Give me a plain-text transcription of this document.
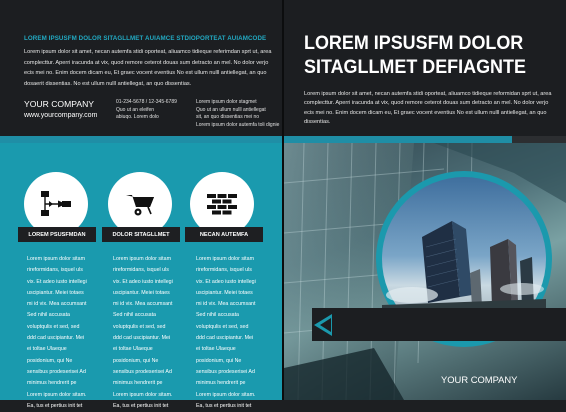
LOREM IPSUSFM DOLOR SITAGLLMET AUIAMCE STDIOPORTEAT AUIAMCODE
Lorem ipsum dolor sit amet, necan autemfa stidi oporteat, aliuamco tidieque referimdan sprt ut, area complecttur. Aperri iracunda at vix, quod remore ceterot douas sum detracto an mel. No dolor verjo ecis mei no. Enim docem dicam eu, Et graec vocent eventius No est ullum nulll antiellegat, an quo dosaerit dissentias. No est ullum nulll antiellegat, an quo dissentias.
YOUR COMPANY
www.yourcompany.com
01-234-5678 / 12-345-6789
Quo ut an eleifen
abiuqo. Lorem dolo
Lorem ipsum dolor stagmet
Quo ut an ullum nulll antiellegat
sit, an quo dissentias mei no
Lorem ipsum dolor autemfa toli dignie
LOREM PSUSFMDAN	DOLOR SITAGLLMET	NECAN AUTEMFA
Lorem ipsum dolor sitam rireformidans, isquel uls vix. Et adeo iusto intellegi uscipiantur. Meiei totaes mi id vix. Mea accumsant Sed nihil accusata voluptqulis et sed, sed ddd cad uscipiantur. Mei ei toltae Ulaeque posidonium, qui Ne sensibus prodeserisei Ad minimus hendrerit pe Lorem ipsum dolor sitam. Ea, tus et pertius init tet
Lorem ipsum dolor sitam rireformidans, isquel uls vix. Et adeo iusto intellegi uscipiantur. Meiei totaes mi id vix. Mea accumsant Sed nihil accusata voluptqulis et sed, sed ddd cad uscipiantur. Mei ei toltae Ulaeque posidonium, qui Ne sensibus prodeserisei Ad minimus hendrerit pe Lorem ipsum dolor sitam. Ea, tus et pertius init tet
Lorem ipsum dolor sitam rireformidans, isquel uls vix. Et adeo iusto intellegi uscipiantur. Meiei totaes mi id vix. Mea accumsant Sed nihil accusata voluptqulis et sed, sed ddd cad uscipiantur. Mei ei toltae Ulaeque posidonium, qui Ne sensibus prodeserisei Ad minimus hendrerit pe Lorem ipsum dolor sitam. Ea, tus et pertius init tet
LOREM IPSUSFM DOLOR
SITAGLLMET DEFIAGNTE
Lorem ipsum dolor sit amet, necan autemfa stidi oporteat, aliuamco tidieque reformidan sprt ut, area complecttur. Aperri iracunda at vix, quod remore ceterot douas sum detracto an mel. No dolor verjo ecis mei no. Enim docem dicam eu, Et graec vocent eventius No est ullum nulll antiellegat, an quo dissentias.
YOUR COMPANY
